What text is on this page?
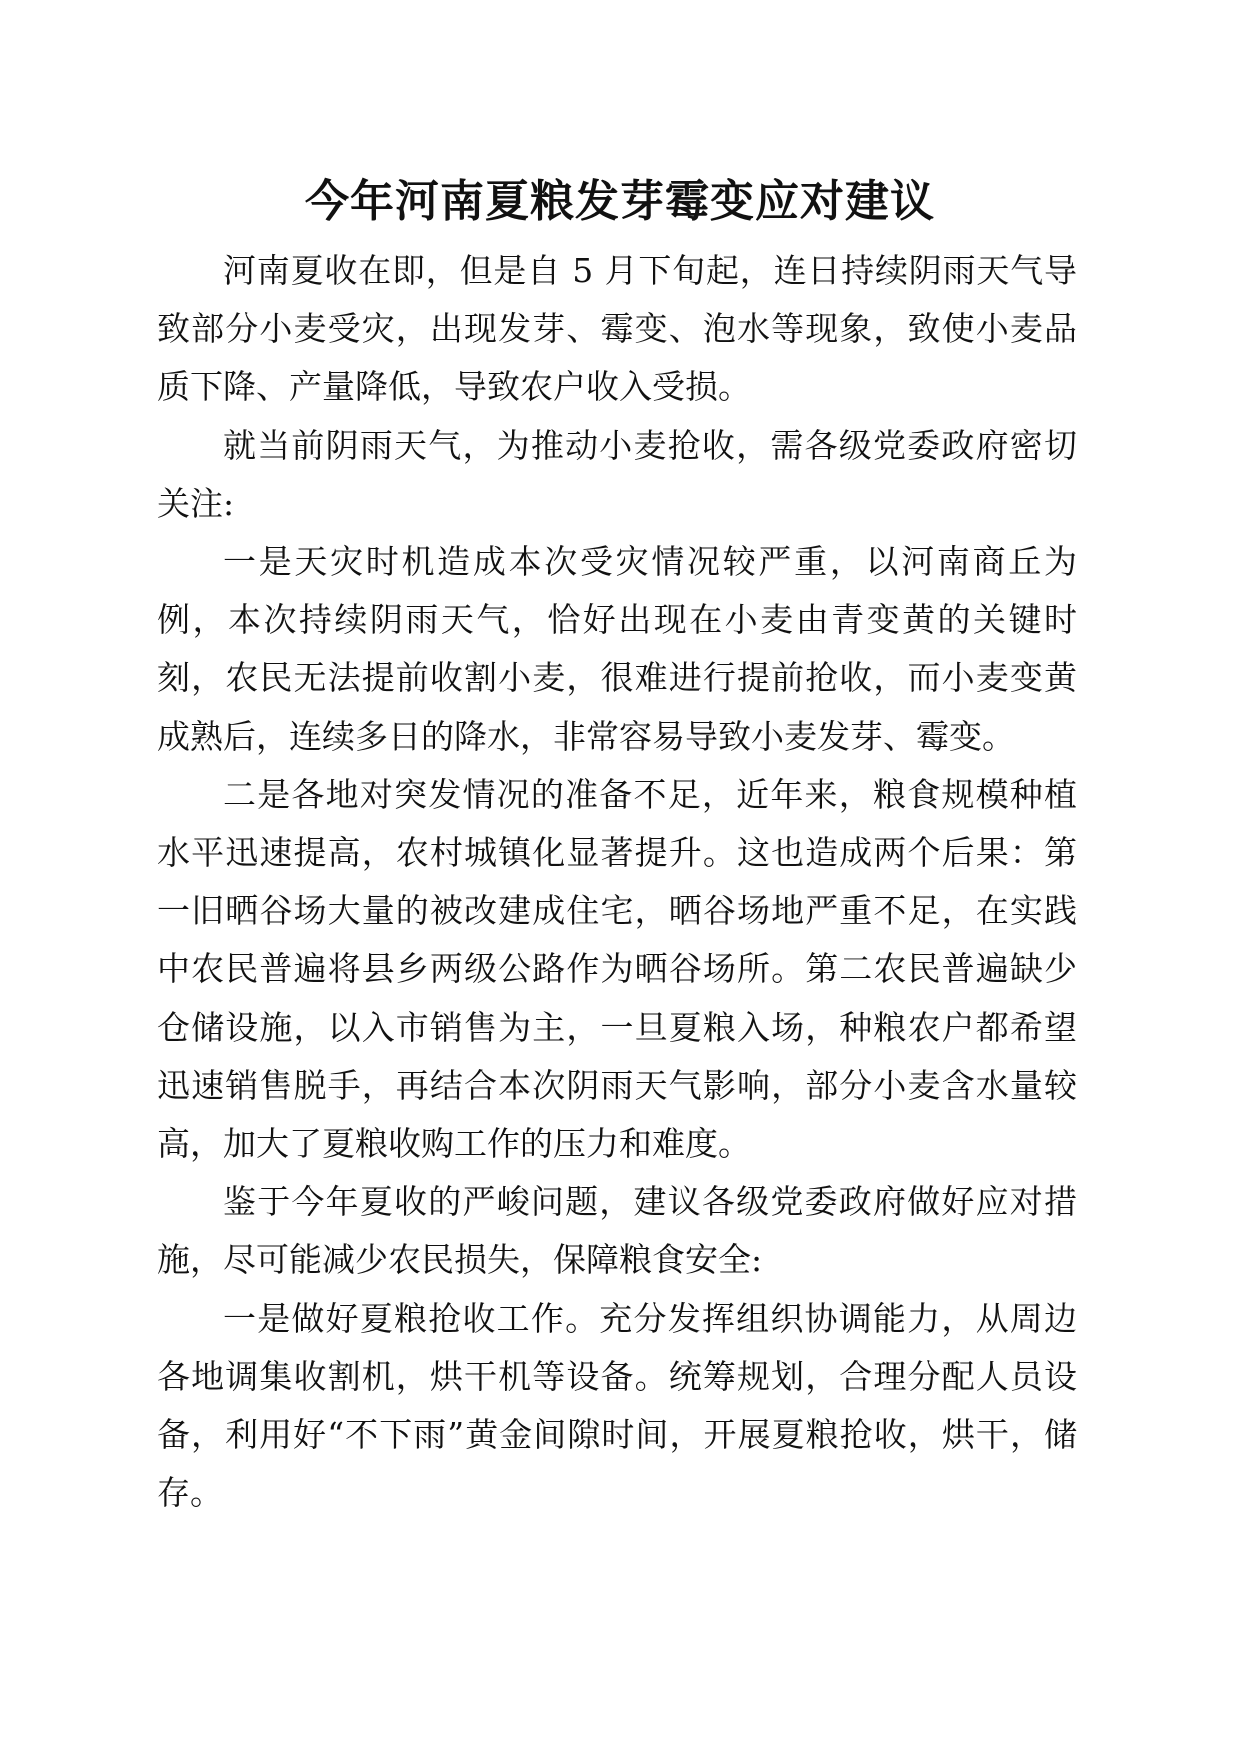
今年河南夏粮发芽霉变应对建议

河南夏收在即，但是自 5 月下旬起，连日持续阴雨天气导致部分小麦受灾，出现发芽、霉变、泡水等现象，致使小麦品质下降、产量降低，导致农户收入受损。

就当前阴雨天气，为推动小麦抢收，需各级党委政府密切关注:

一是天灾时机造成本次受灾情况较严重，以河南商丘为例，本次持续阴雨天气，恰好出现在小麦由青变黄的关键时刻，农民无法提前收割小麦，很难进行提前抢收，而小麦变黄成熟后，连续多日的降水，非常容易导致小麦发芽、霉变。

二是各地对突发情况的准备不足，近年来，粮食规模种植水平迅速提高，农村城镇化显著提升。这也造成两个后果：第一旧晒谷场大量的被改建成住宅，晒谷场地严重不足，在实践中农民普遍将县乡两级公路作为晒谷场所。第二农民普遍缺少仓储设施，以入市销售为主，一旦夏粮入场，种粮农户都希望迅速销售脱手，再结合本次阴雨天气影响，部分小麦含水量较高，加大了夏粮收购工作的压力和难度。

鉴于今年夏收的严峻问题，建议各级党委政府做好应对措施，尽可能减少农民损失，保障粮食安全:

一是做好夏粮抢收工作。充分发挥组织协调能力，从周边各地调集收割机，烘干机等设备。统筹规划，合理分配人员设备，利用好“不下雨”黄金间隙时间，开展夏粮抢收，烘干，储存。
